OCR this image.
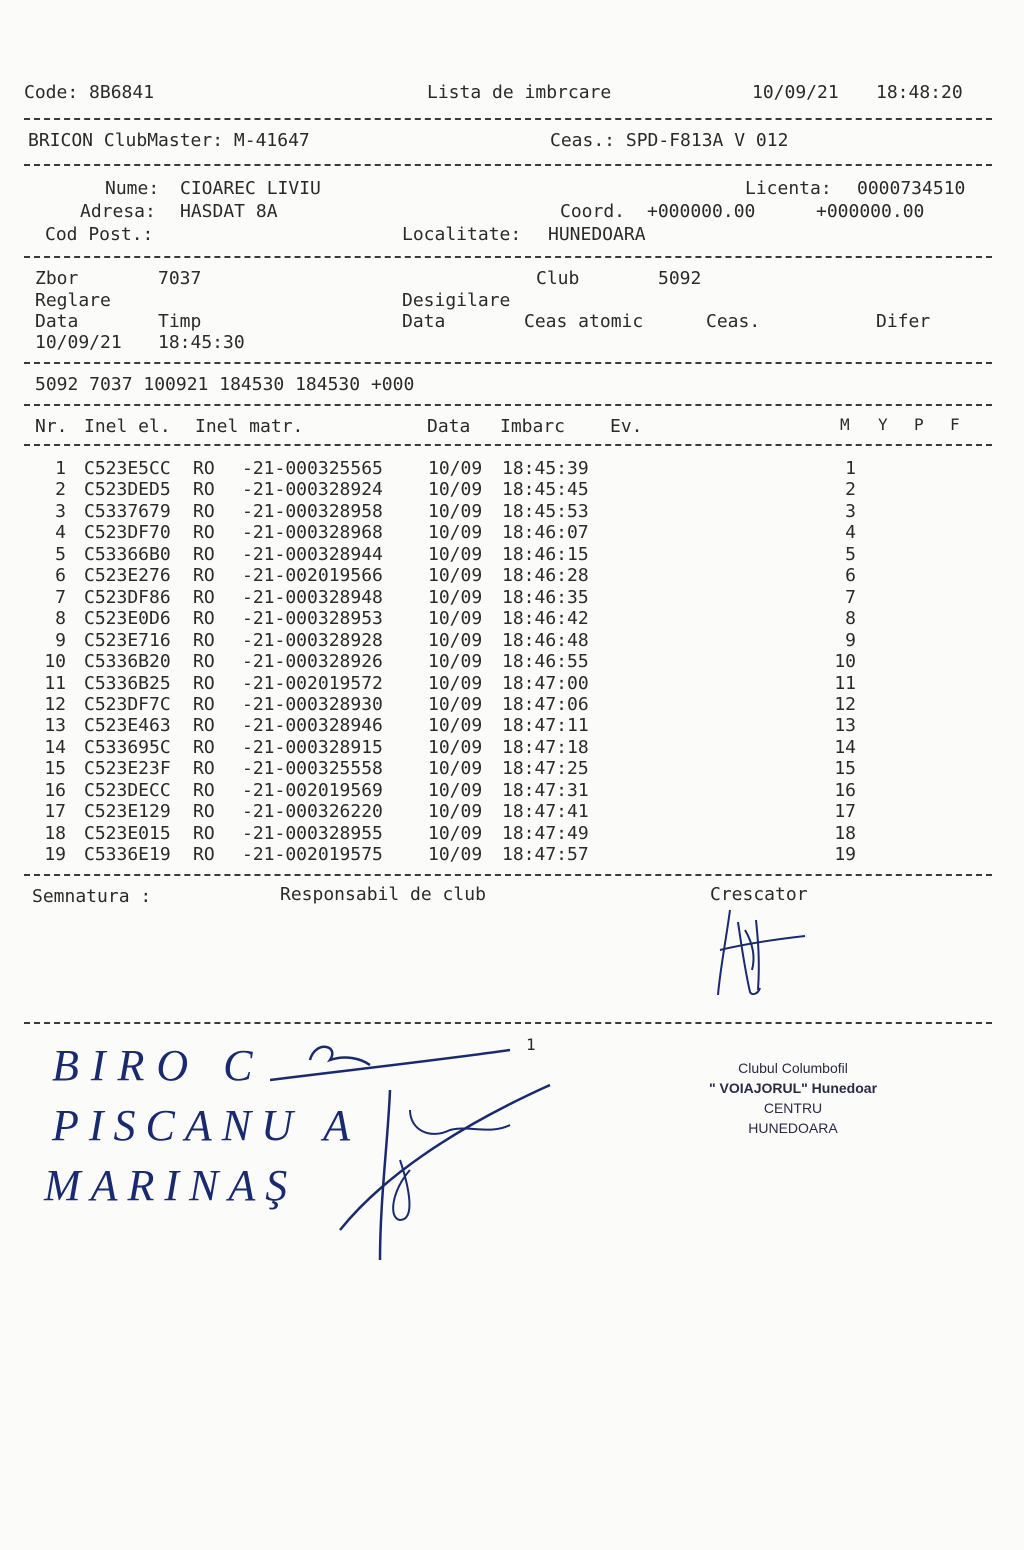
Code: 8B6841	Lista de imbrcare	10/09/21 18:48:20
BRICON ClubMaster: M-41647	Ceas.: SPD-F813A V 012
Nume: CIOAREC LIVIU	Licenta: 0000734510
Adresa: HASDAT 8A	Coord. +000000.00	+000000.00
Cod Post.:	Localitate: HUNEDOARA
Zbor	7037	Club	5092
Reglare	Desigilare
Data	Timp	Data	Ceas atomic	Ceas.	Difer
10/09/21 18:45:30
5092 7037 100921 184530 184530 +000
Nr. Inel el. Inel matr.	Data Imbarc Ev.	M Y P F
1 C523E5CC RO -21-000325565	10/09 18:45:39	1
2 C523DED5 RO -21-000328924	10/09 18:45:45	2
3 C5337679 RO -21-000328958	10/09 18:45:53	3
4 C523DF70 RO -21-000328968	10/09 18:46:07	4
5 C53366B0 RO -21-000328944	10/09 18:46:15	5
6 C523E276 RO -21-002019566	10/09 18:46:28	6
7 C523DF86 RO -21-000328948	10/09 18:46:35	7
8 C523E0D6 RO -21-000328953	10/09 18:46:42	8
9 C523E716 RO -21-000328928	10/09 18:46:48	9
10 C5336B20 RO -21-000328926	10/09 18:46:55	10
11 C5336B25 RO -21-002019572	10/09 18:47:00	11
12 C523DF7C RO -21-000328930	10/09 18:47:06	12
13 C523E463 RO -21-000328946	10/09 18:47:11	13
14 C533695C RO -21-000328915	10/09 18:47:18	14
15 C523E23F RO -21-000325558	10/09 18:47:25	15
16 C523DECC RO -21-002019569	10/09 18:47:31	16
17 C523E129 RO -21-000326220	10/09 18:47:41	17
18 C523E015 RO -21-000328955	10/09 18:47:49	18
19 C5336E19 RO -21-002019575	10/09 18:47:57	19
Semnatura :	Responsabil de club	Crescator
1
BIRO C
PISCANU A
MARINAŞ
Clubul Columbofil
" VOIAJORUL" Hunedoar
CENTRU
HUNEDOARA
